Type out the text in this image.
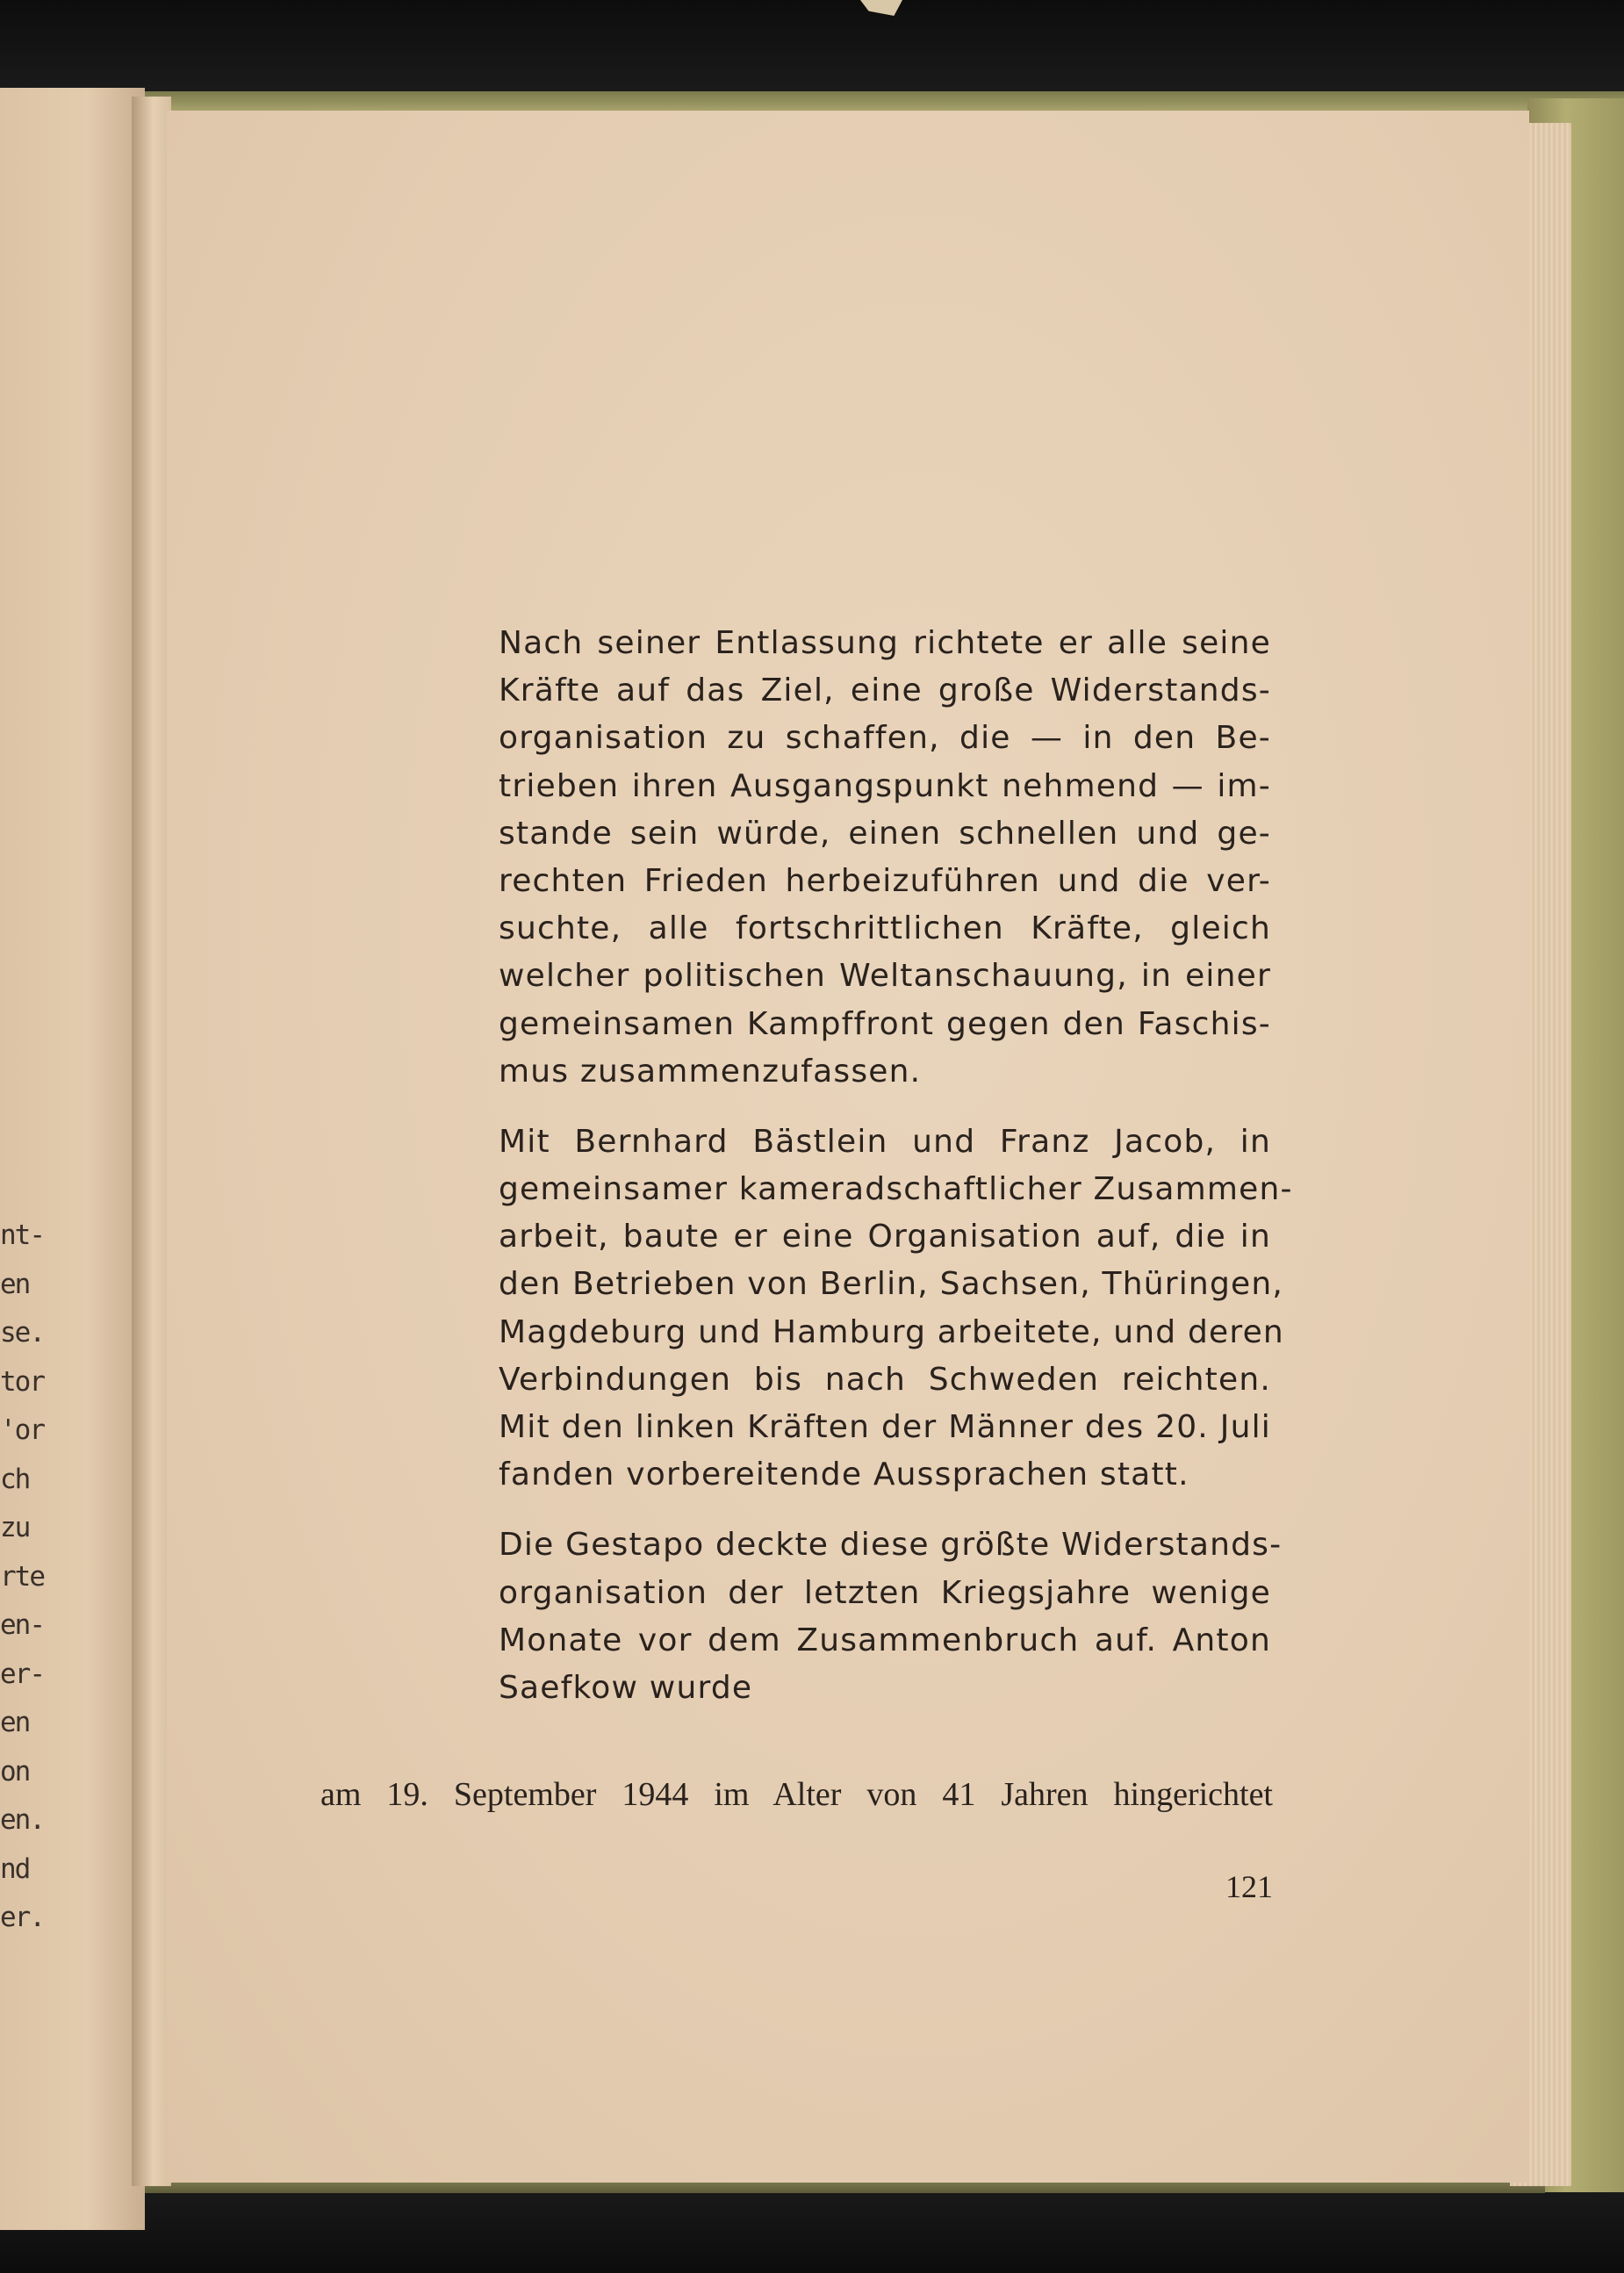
nt-
en
se.
tor
'or
ch
zu
rte
en-
er-
en
on
en.
nd
er.
Nach seiner Entlassung richtete er alle seine
Kräfte auf das Ziel, eine große Widerstands-
organisation zu schaffen, die — in den Be-
trieben ihren Ausgangspunkt nehmend — im-
stande sein würde, einen schnellen und ge-
rechten Frieden herbeizuführen und die ver-
suchte, alle fortschrittlichen Kräfte, gleich
welcher politischen Weltanschauung, in einer
gemeinsamen Kampffront gegen den Faschis-
mus zusammenzufassen.
Mit Bernhard Bästlein und Franz Jacob, in
gemeinsamer kameradschaftlicher Zusammen-
arbeit, baute er eine Organisation auf, die in
den Betrieben von Berlin, Sachsen, Thüringen,
Magdeburg und Hamburg arbeitete, und deren
Verbindungen bis nach Schweden reichten.
Mit den linken Kräften der Männer des 20. Juli
fanden vorbereitende Aussprachen statt.
Die Gestapo deckte diese größte Widerstands-
organisation der letzten Kriegsjahre wenige
Monate vor dem Zusammenbruch auf. Anton
Saefkow wurde
am 19. September 1944 im Alter von 41 Jahren hingerichtet
121
